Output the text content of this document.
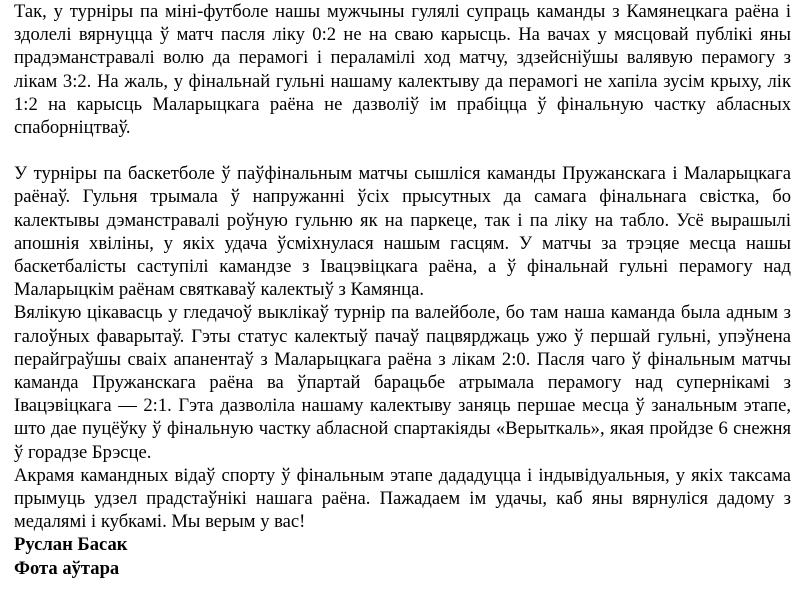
Так, у турніры па міні-футболе нашы мужчыны гулялі супраць каманды з Камянецкага раёна і здолелі вярнуцца ў матч пасля ліку 0:2 не на сваю карысць. На вачах у мясцовай публікі яны прадэманстравалі волю да перамогі і пераламілі ход матчу, здзейсніўшы валявую перамогу з лікам 3:2. На жаль, у фінальнай гульні нашаму калектыву да перамогі не хапіла зусім крыху, лік 1:2 на карысць Маларыцкага раёна не дазволіў ім прабіцца ў фінальную частку абласных спаборніцтваў.

У турніры па баскетболе ў паўфінальным матчы сышліся каманды Пружанскага і Маларыцкага раёнаў. Гульня трымала ў напружанні ўсіх прысутных да самага фінальнага свістка, бо калектывы дэманстравалі роўную гульню як на паркеце, так і па ліку на табло. Усё вырашылі апошнія хвіліны, у якіх удача ўсміхнулася нашым гасцям. У матчы за трэцяе месца нашы баскетбалісты саступілі камандзе з Івацэвіцкага раёна, а ў фінальнай гульні перамогу над Маларыцкім раёнам святкаваў калектыў з Камянца.

Вялікую цікавасць у гледачоў выклікаў турнір па валейболе, бо там наша каманда была адным з галоўных фаварытаў. Гэты статус калектыў пачаў пацвярджаць ужо ў першай гульні, упэўнена перайграўшы сваіх апанентаў з Маларыцкага раёна з лікам 2:0. Пасля чаго ў фінальным матчы каманда Пружанскага раёна ва ўпартай барацьбе атрымала перамогу над супернікамі з Івацэвіцкага — 2:1. Гэта дазволіла нашаму калектыву заняць першае месца ў занальным этапе, што дае пуцёўку ў фінальную частку абласной спартакіяды «Верыткаль», якая пройдзе 6 снежня ў горадзе Брэсце.

Акрамя камандных відаў спорту ў фінальным этапе дададуцца і індывідуальныя, у якіх таксама прымуць удзел прадстаўнікі нашага раёна. Пажадаем ім удачы, каб яны вярнуліся дадому з медалямі і кубкамі. Мы верым у вас!

Руслан Басак

Фота аўтара
